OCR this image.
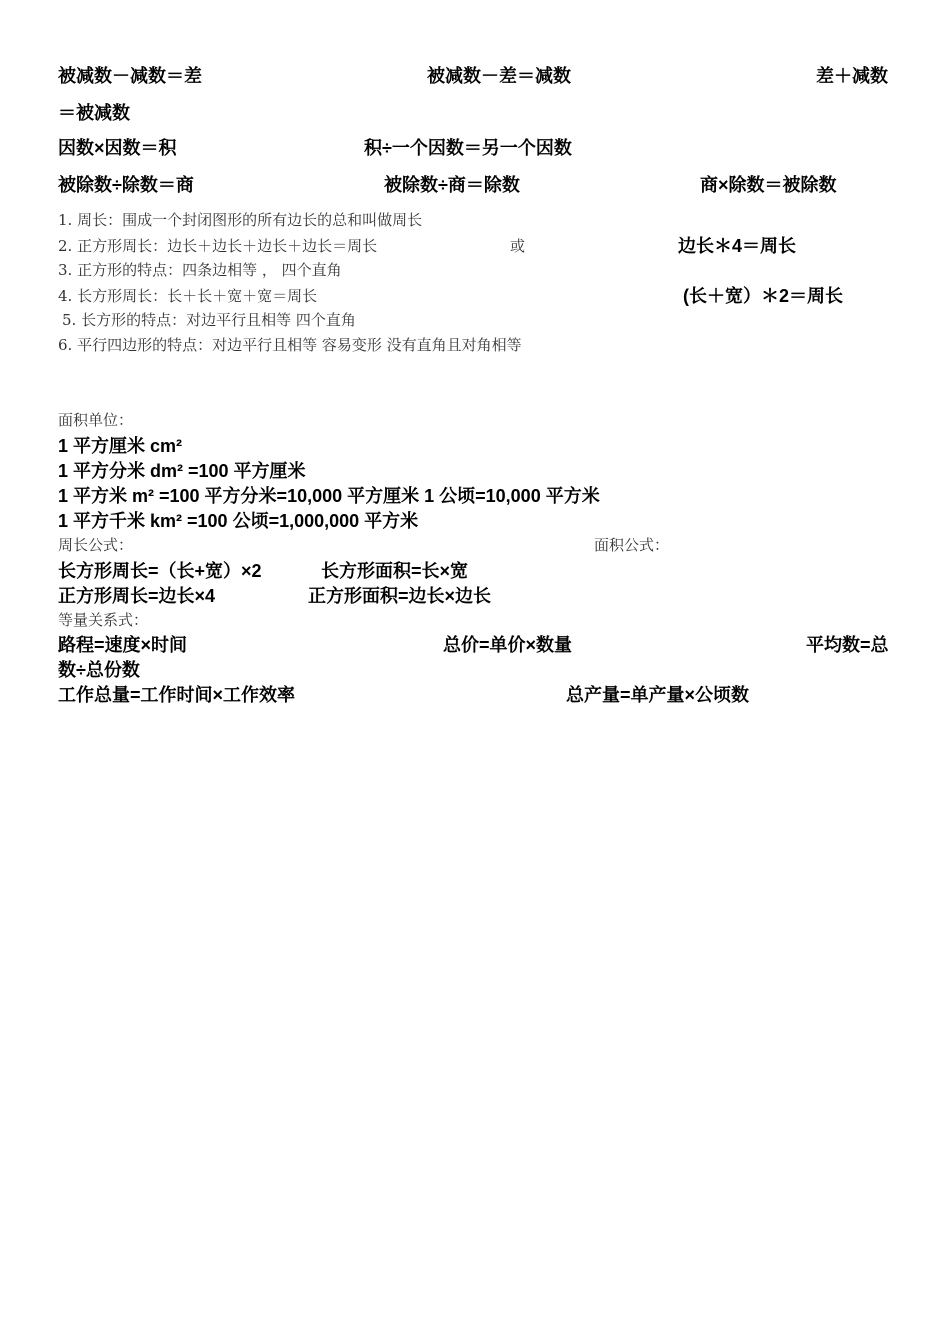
被减数－减数＝差	被减数－差＝减数	差＋减数
＝被减数
因数×因数＝积	积÷一个因数＝另一个因数
被除数÷除数＝商	被除数÷商＝除数	商×除数＝被除数
1. 周长：围成一个封闭图形的所有边长的总和叫做周长
2. 正方形周长：边长＋边长＋边长＋边长＝周长	或	边长＊4＝周长
3. 正方形的特点：四条边相等 ， 四个直角
4. 长方形周长：长＋长＋宽＋宽＝周长	(长＋宽）＊2＝周长
5. 长方形的特点：对边平行且相等 四个直角
6. 平行四边形的特点：对边平行且相等 容易变形 没有直角且对角相等
面积单位：
1 平方厘米 cm²
1 平方分米 dm² =100 平方厘米
1 平方米 m² =100 平方分米=10,000 平方厘米 1 公顷=10,000 平方米
1 平方千米 km² =100 公顷=1,000,000 平方米
周长公式：	面积公式：
长方形周长=（长+宽）×2	长方形面积=长×宽
正方形周长=边长×4	正方形面积=边长×边长
等量关系式：
路程=速度×时间	总价=单价×数量	平均数=总
数÷总份数
工作总量=工作时间×工作效率	总产量=单产量×公顷数
